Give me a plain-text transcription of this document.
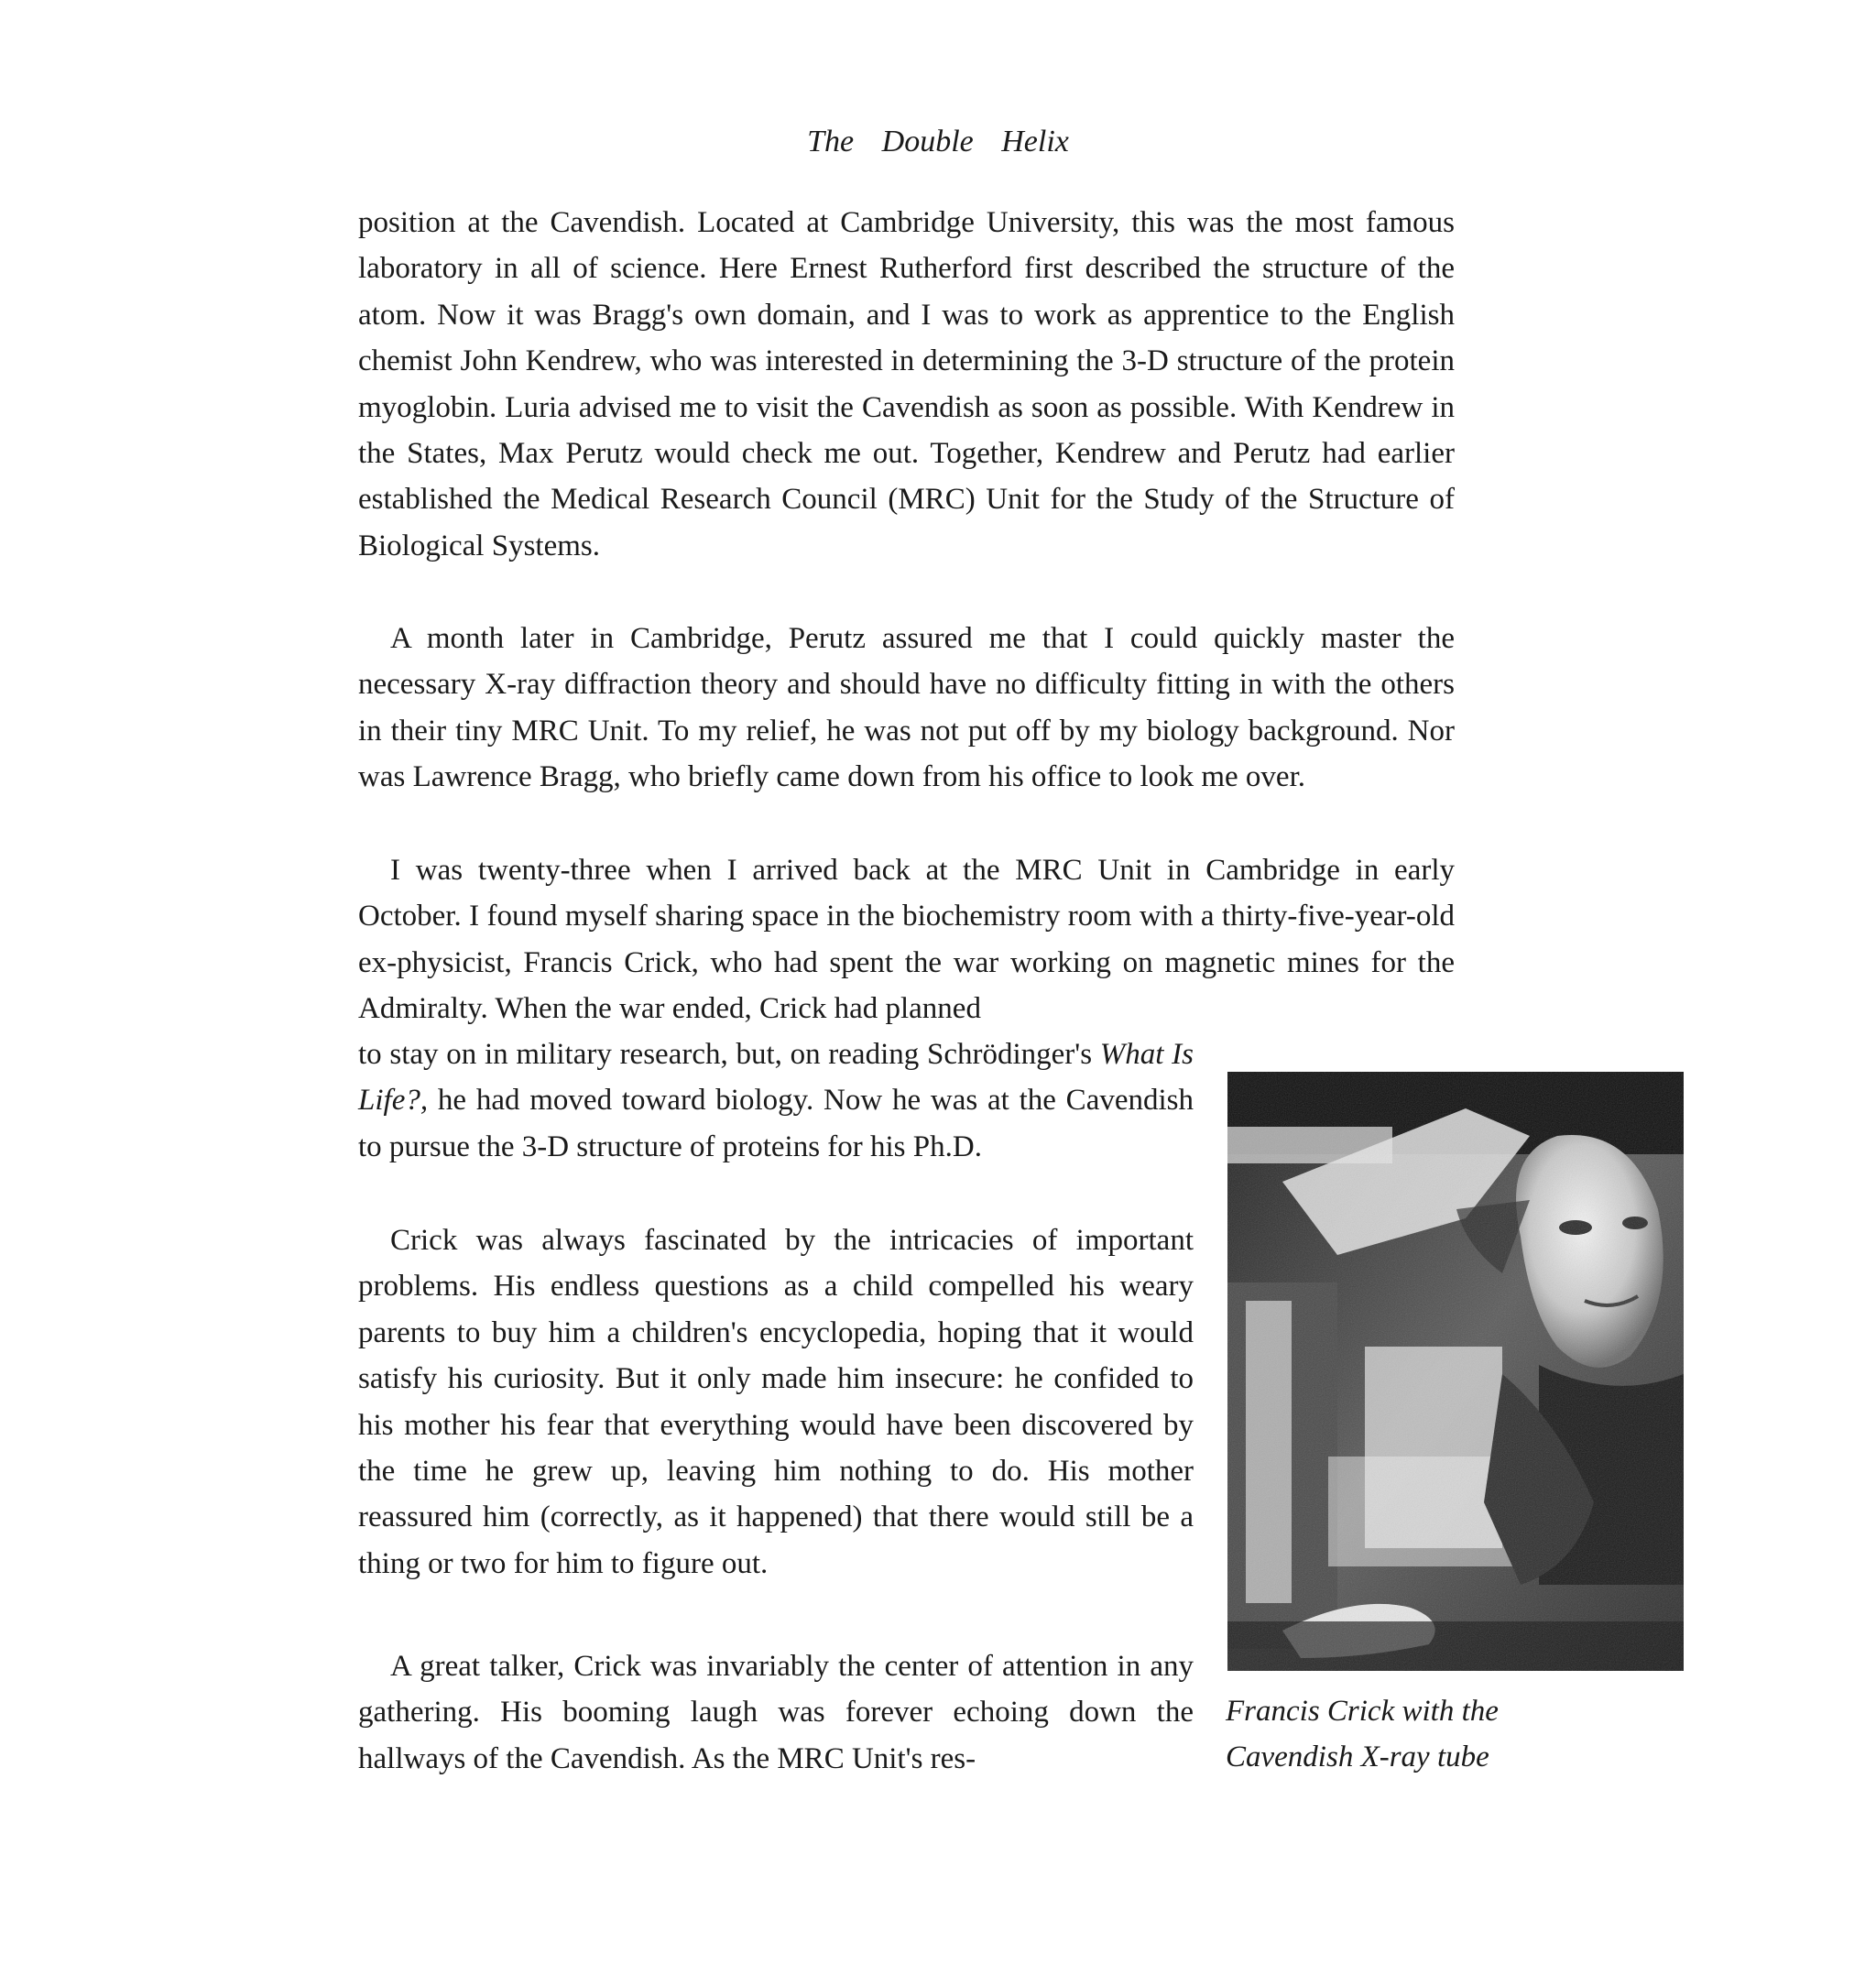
The Double Helix

position at the Cavendish. Located at Cambridge University, this was the most famous laboratory in all of science. Here Ernest Rutherford first described the structure of the atom. Now it was Bragg's own domain, and I was to work as apprentice to the English chemist John Kendrew, who was interested in determining the 3-D structure of the protein myoglobin. Luria advised me to visit the Cavendish as soon as possible. With Kendrew in the States, Max Perutz would check me out. Together, Kendrew and Perutz had earlier established the Medical Research Council (MRC) Unit for the Study of the Structure of Biological Systems.

A month later in Cambridge, Perutz assured me that I could quickly master the necessary X-ray diffraction theory and should have no difficulty fitting in with the others in their tiny MRC Unit. To my relief, he was not put off by my biology background. Nor was Lawrence Bragg, who briefly came down from his office to look me over.

I was twenty-three when I arrived back at the MRC Unit in Cambridge in early October. I found myself sharing space in the biochemistry room with a thirty-five-year-old ex-physicist, Francis Crick, who had spent the war working on magnetic mines for the Admiralty. When the war ended, Crick had planned

to stay on in military research, but, on reading Schrödinger's What Is Life?, he had moved toward biology. Now he was at the Cavendish to pursue the 3-D structure of proteins for his Ph.D.

Crick was always fascinated by the intricacies of important problems. His endless questions as a child compelled his weary parents to buy him a children's encyclopedia, hoping that it would satisfy his curiosity. But it only made him insecure: he confided to his mother his fear that everything would have been discovered by the time he grew up, leaving him nothing to do. His mother reassured him (correctly, as it happened) that there would still be a thing or two for him to figure out.

A great talker, Crick was invariably the center of attention in any gathering. His booming laugh was forever echoing down the hallways of the Cavendish. As the MRC Unit's res-

Francis Crick with the
Cavendish X-ray tube
